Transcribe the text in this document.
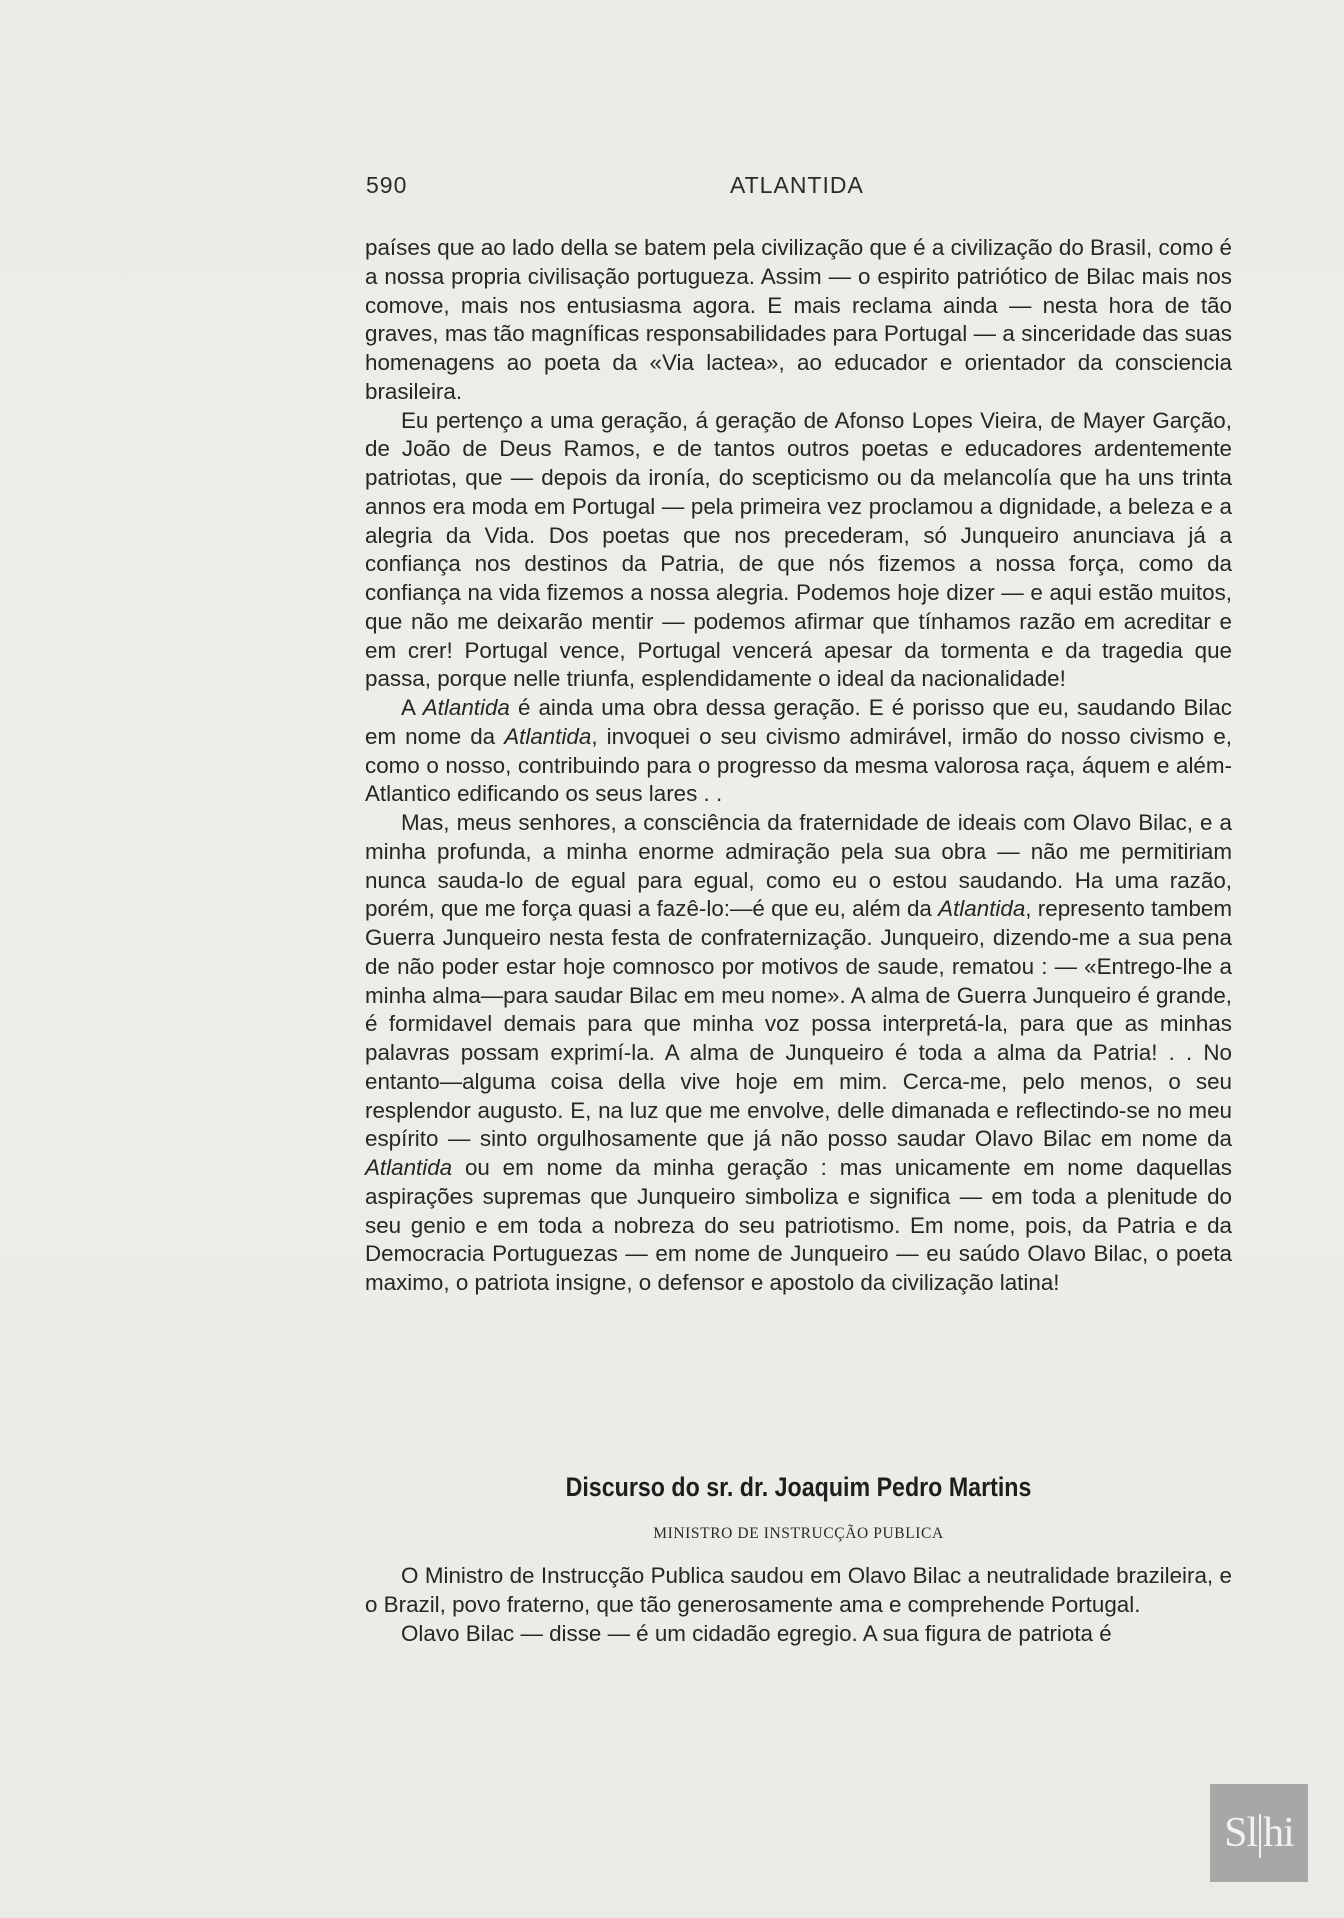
590	ATLANTIDA

países que ao lado della se batem pela civilização que é a civilização do Brasil, como é a nossa propria civilisação portugueza. Assim — o espirito patriótico de Bilac mais nos comove, mais nos entusiasma agora. E mais reclama ainda — nesta hora de tão graves, mas tão magníficas responsabilidades para Portugal — a sinceridade das suas homenagens ao poeta da «Via lactea», ao educador e orientador da consciencia brasileira.

Eu pertenço a uma geração, á geração de Afonso Lopes Vieira, de Mayer Garção, de João de Deus Ramos, e de tantos outros poetas e educadores ardentemente patriotas, que — depois da ironía, do scepticismo ou da melancolía que ha uns trinta annos era moda em Portugal — pela primeira vez proclamou a dignidade, a beleza e a alegria da Vida. Dos poetas que nos precederam, só Junqueiro anunciava já a confiança nos destinos da Patria, de que nós fizemos a nossa força, como da confiança na vida fizemos a nossa alegria. Podemos hoje dizer — e aqui estão muitos, que não me deixarão mentir — podemos afirmar que tínhamos razão em acreditar e em crer! Portugal vence, Portugal vencerá apesar da tormenta e da tragedia que passa, porque nelle triunfa, esplendidamente o ideal da nacionalidade!

A Atlantida é ainda uma obra dessa geração. E é porisso que eu, saudando Bilac em nome da Atlantida, invoquei o seu civismo admirável, irmão do nosso civismo e, como o nosso, contribuindo para o progresso da mesma valorosa raça, áquem e além-Atlantico edificando os seus lares . .

Mas, meus senhores, a consciência da fraternidade de ideais com Olavo Bilac, e a minha profunda, a minha enorme admiração pela sua obra — não me permitiriam nunca sauda-lo de egual para egual, como eu o estou saudando. Ha uma razão, porém, que me força quasi a fazê-lo:—é que eu, além da Atlantida, represento tambem Guerra Junqueiro nesta festa de confraternização. Junqueiro, dizendo-me a sua pena de não poder estar hoje comnosco por motivos de saude, rematou : — «Entrego-lhe a minha alma—para saudar Bilac em meu nome». A alma de Guerra Junqueiro é grande, é formidavel demais para que minha voz possa interpretá-la, para que as minhas palavras possam exprimí-la. A alma de Junqueiro é toda a alma da Patria! . . No entanto—alguma coisa della vive hoje em mim. Cerca-me, pelo menos, o seu resplendor augusto. E, na luz que me envolve, delle dimanada e reflectindo-se no meu espírito — sinto orgulhosamente que já não posso saudar Olavo Bilac em nome da Atlantida ou em nome da minha geração : mas unicamente em nome daquellas aspirações supremas que Junqueiro simboliza e significa — em toda a plenitude do seu genio e em toda a nobreza do seu patriotismo. Em nome, pois, da Patria e da Democracia Portuguezas — em nome de Junqueiro — eu saúdo Olavo Bilac, o poeta maximo, o patriota insigne, o defensor e apostolo da civilização latina!

Discurso do sr. dr. Joaquim Pedro Martins
MINISTRO DE INSTRUCÇÃO PUBLICA

O Ministro de Instrucção Publica saudou em Olavo Bilac a neutralidade brazileira, e o Brazil, povo fraterno, que tão generosamente ama e comprehende Portugal.

Olavo Bilac — disse — é um cidadão egregio. A sua figura de patriota é

Sl hi
